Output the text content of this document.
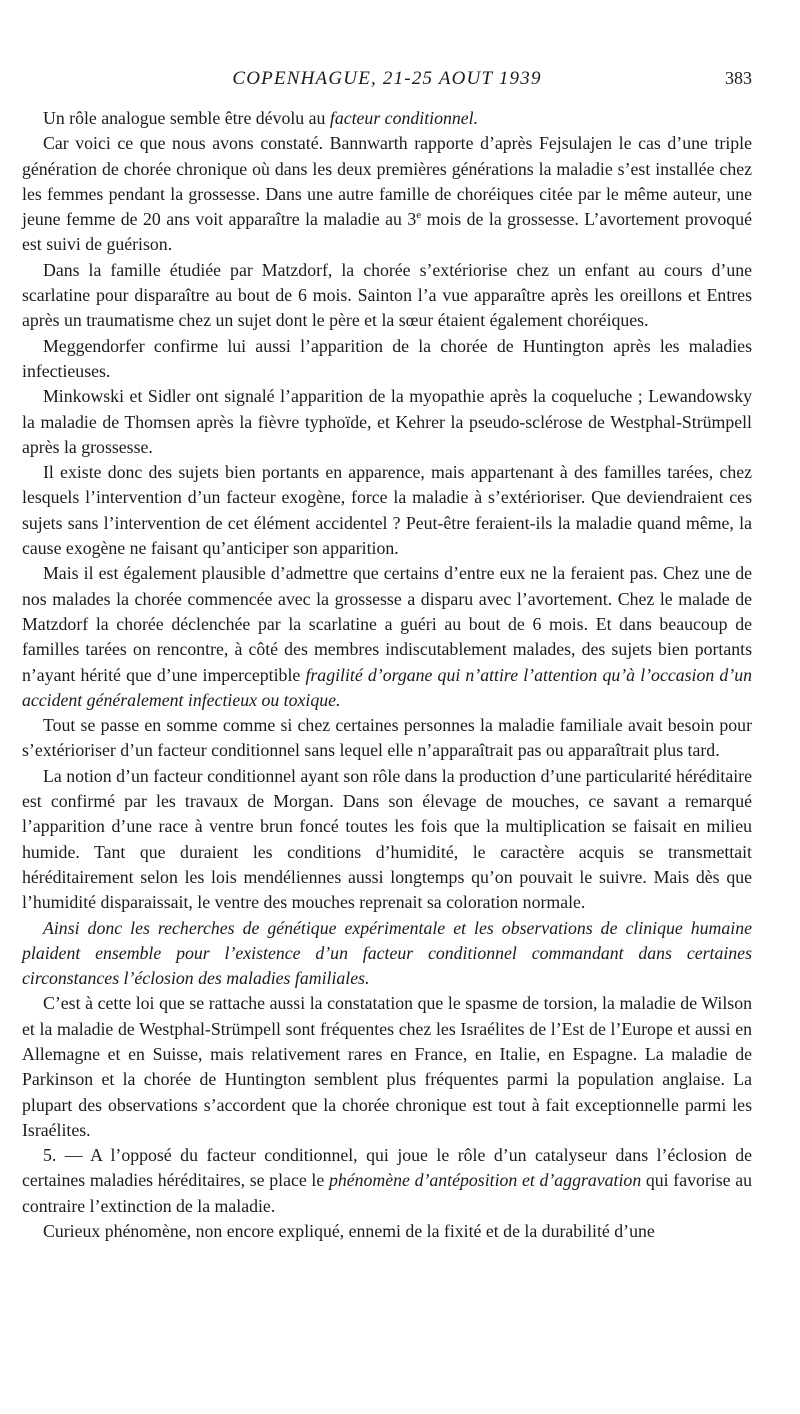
COPENHAGUE, 21-25 AOUT 1939	383

Un rôle analogue semble être dévolu au facteur conditionnel.

Car voici ce que nous avons constaté. Bannwarth rapporte d’après Fejsulajen le cas d’une triple génération de chorée chronique où dans les deux premières générations la maladie s’est installée chez les femmes pendant la grossesse. Dans une autre famille de choréiques citée par le même auteur, une jeune femme de 20 ans voit apparaître la maladie au 3e mois de la grossesse. L’avortement provoqué est suivi de guérison.

Dans la famille étudiée par Matzdorf, la chorée s’extériorise chez un enfant au cours d’une scarlatine pour disparaître au bout de 6 mois. Sainton l’a vue apparaître après les oreillons et Entres après un traumatisme chez un sujet dont le père et la sœur étaient également choréiques.

Meggendorfer confirme lui aussi l’apparition de la chorée de Huntington après les maladies infectieuses.

Minkowski et Sidler ont signalé l’apparition de la myopathie après la coqueluche ; Lewandowsky la maladie de Thomsen après la fièvre typhoïde, et Kehrer la pseudo-sclérose de Westphal-Strümpell après la grossesse.

Il existe donc des sujets bien portants en apparence, mais appartenant à des familles tarées, chez lesquels l’intervention d’un facteur exogène, force la maladie à s’extérioriser. Que deviendraient ces sujets sans l’intervention de cet élément accidentel ? Peut-être feraient-ils la maladie quand même, la cause exogène ne faisant qu’anticiper son apparition.

Mais il est également plausible d’admettre que certains d’entre eux ne la feraient pas. Chez une de nos malades la chorée commencée avec la grossesse a disparu avec l’avortement. Chez le malade de Matzdorf la chorée déclenchée par la scarlatine a guéri au bout de 6 mois. Et dans beaucoup de familles tarées on rencontre, à côté des membres indiscutablement malades, des sujets bien portants n’ayant hérité que d’une imperceptible fragilité d’organe qui n’attire l’attention qu’à l’occasion d’un accident généralement infectieux ou toxique.

Tout se passe en somme comme si chez certaines personnes la maladie familiale avait besoin pour s’extérioriser d’un facteur conditionnel sans lequel elle n’apparaîtrait pas ou apparaîtrait plus tard.

La notion d’un facteur conditionnel ayant son rôle dans la production d’une particularité héréditaire est confirmé par les travaux de Morgan. Dans son élevage de mouches, ce savant a remarqué l’apparition d’une race à ventre brun foncé toutes les fois que la multiplication se faisait en milieu humide. Tant que duraient les conditions d’humidité, le caractère acquis se transmettait héréditairement selon les lois mendéliennes aussi longtemps qu’on pouvait le suivre. Mais dès que l’humidité disparaissait, le ventre des mouches reprenait sa coloration normale.

Ainsi donc les recherches de génétique expérimentale et les observations de clinique humaine plaident ensemble pour l’existence d’un facteur conditionnel commandant dans certaines circonstances l’éclosion des maladies familiales.

C’est à cette loi que se rattache aussi la constatation que le spasme de torsion, la maladie de Wilson et la maladie de Westphal-Strümpell sont fréquentes chez les Israélites de l’Est de l’Europe et aussi en Allemagne et en Suisse, mais relativement rares en France, en Italie, en Espagne. La maladie de Parkinson et la chorée de Huntington semblent plus fréquentes parmi la population anglaise. La plupart des observations s’accordent que la chorée chronique est tout à fait exceptionnelle parmi les Israélites.

5. — A l’opposé du facteur conditionnel, qui joue le rôle d’un catalyseur dans l’éclosion de certaines maladies héréditaires, se place le phénomène d’antéposition et d’aggravation qui favorise au contraire l’extinction de la maladie.

Curieux phénomène, non encore expliqué, ennemi de la fixité et de la durabilité d’une
